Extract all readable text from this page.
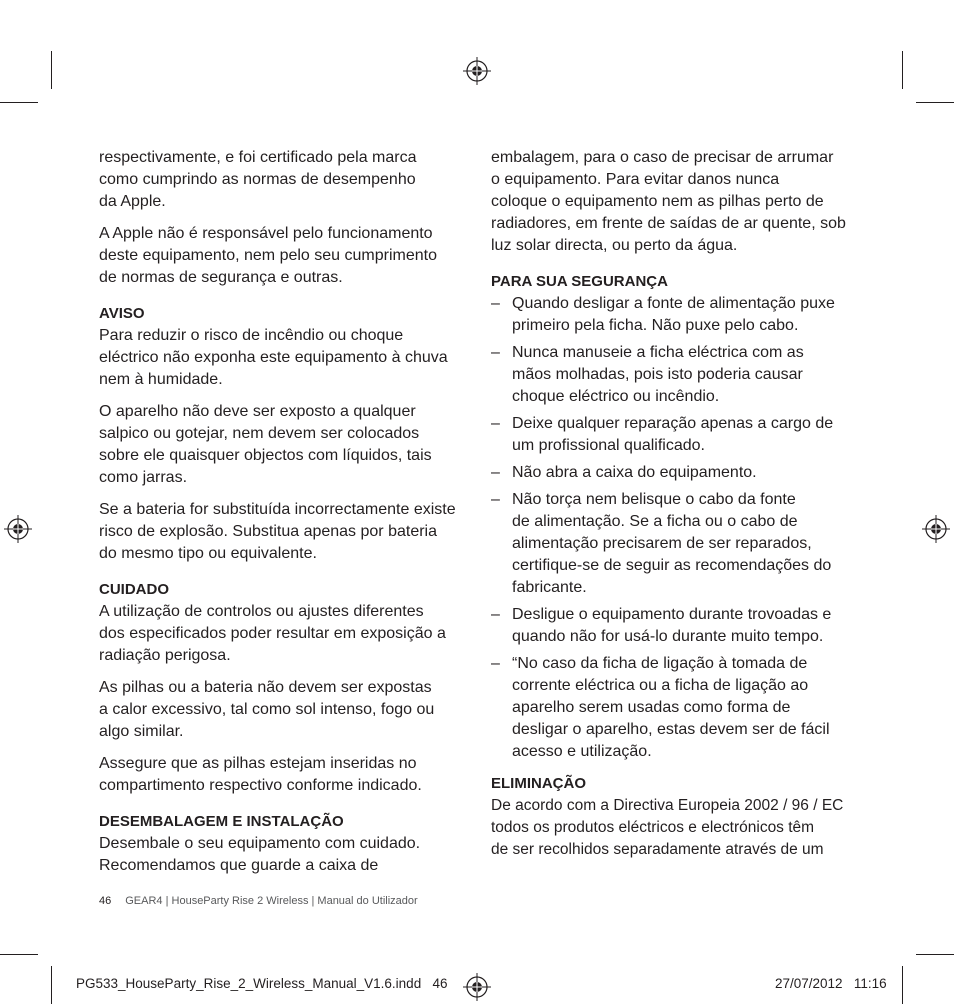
respectivamente, e foi certificado pela marca
como cumprindo as normas de desempenho
da Apple.

A Apple não é responsável pelo funcionamento
deste equipamento, nem pelo seu cumprimento
de normas de segurança e outras.

AVISO

Para reduzir o risco de incêndio ou choque
eléctrico não exponha este equipamento à chuva
nem à humidade.

O aparelho não deve ser exposto a qualquer
salpico ou gotejar, nem devem ser colocados
sobre ele quaisquer objectos com líquidos, tais
como jarras.

Se a bateria for substituída incorrectamente existe
risco de explosão. Substitua apenas por bateria
do mesmo tipo ou equivalente.

CUIDADO

A utilização de controlos ou ajustes diferentes
dos especificados poder resultar em exposição a
radiação perigosa.

As pilhas ou a bateria não devem ser expostas
a calor excessivo, tal como sol intenso, fogo ou
algo similar.

Assegure que as pilhas estejam inseridas no
compartimento respectivo conforme indicado.

DESEMBALAGEM E INSTALAÇÃO

Desembale o seu equipamento com cuidado.
Recomendamos que guarde a caixa de

embalagem, para o caso de precisar de arrumar
o equipamento. Para evitar danos nunca
coloque o equipamento nem as pilhas perto de
radiadores, em frente de saídas de ar quente, sob
luz solar directa, ou perto da água.

PARA SUA SEGURANÇA
– Quando desligar a fonte de alimentação puxe
primeiro pela ficha. Não puxe pelo cabo.
– Nunca manuseie a ficha eléctrica com as
mãos molhadas, pois isto poderia causar
choque eléctrico ou incêndio.
– Deixe qualquer reparação apenas a cargo de
um profissional qualificado.
– Não abra a caixa do equipamento.
– Não torça nem belisque o cabo da fonte
de alimentação. Se a ficha ou o cabo de
alimentação precisarem de ser reparados,
certifique-se de seguir as recomendações do
fabricante.
– Desligue o equipamento durante trovoadas e
quando não for usá-lo durante muito tempo.
– “No caso da ficha de ligação à tomada de
corrente eléctrica ou a ficha de ligação ao
aparelho serem usadas como forma de
desligar o aparelho, estas devem ser de fácil
acesso e utilização.
ELIMINAÇÃO

De acordo com a Directiva Europeia 2002 / 96 / EC
todos os produtos eléctricos e electrónicos têm
de ser recolhidos separadamente através de um

46 GEAR4 | HouseParty Rise 2 Wireless | Manual do Utilizador
PG533_HouseParty_Rise_2_Wireless_Manual_V1.6.indd   46	27/07/2012   11:16
